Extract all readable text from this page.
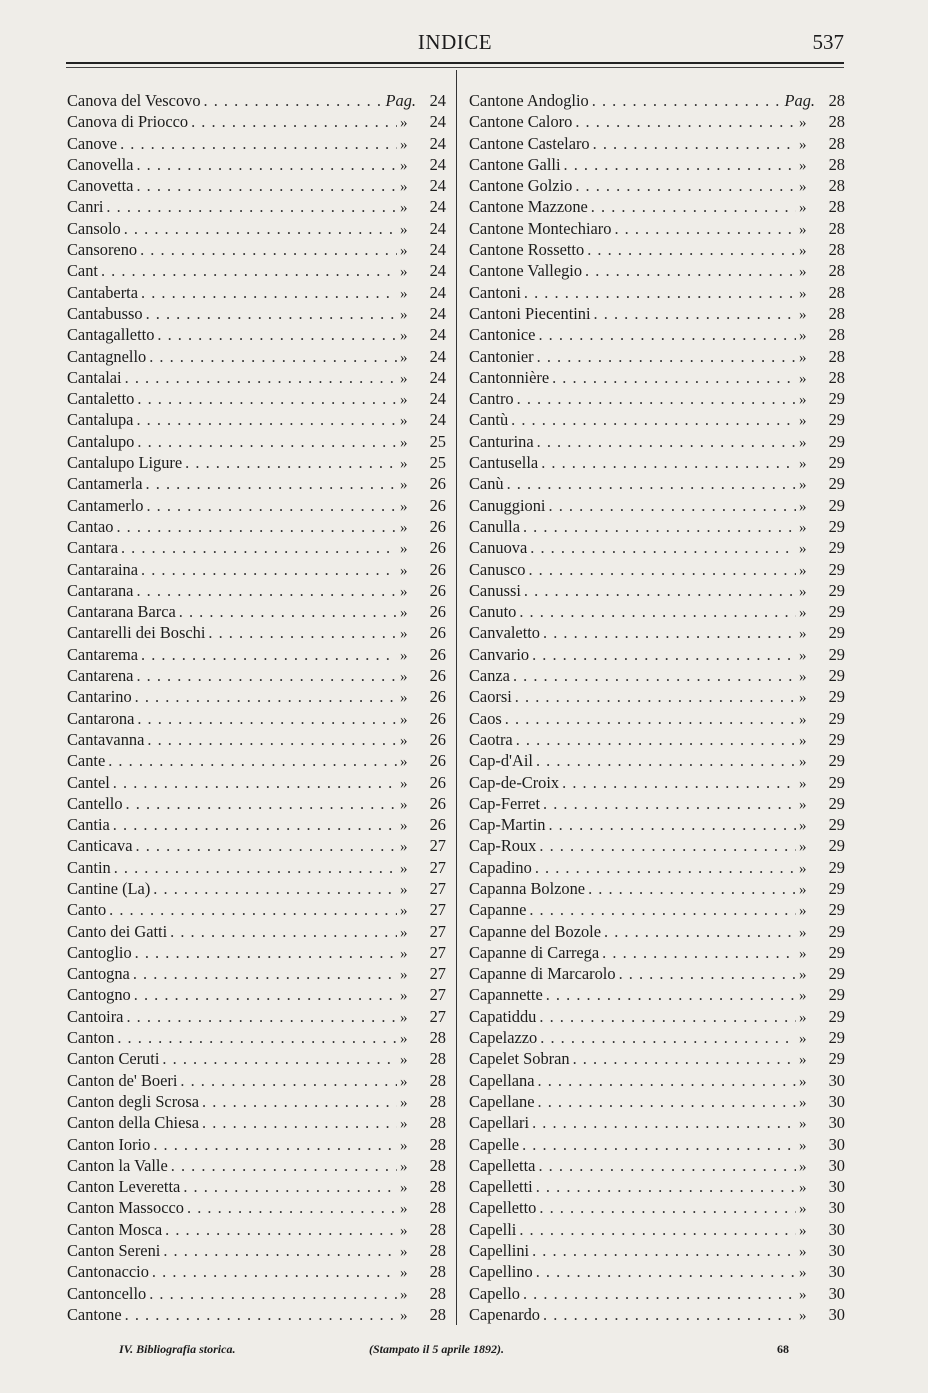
INDICE	537
Canova del Vescovo . . .	Pag. 24
Canova di Priocco . . .	»	24
Canove . . .	»	24
Canovella . . .	»	24
Canovetta . . .	»	24
Canri . . .	»	24
Cansolo . . .	»	24
Cansoreno . . .	»	24
Cant . . .	»	24
Cantaberta . . .	»	24
Cantabusso . . .	»	24
Cantagalletto . . .	»	24
Cantagnello . . .	»	24
Cantalai . . .	»	24
Cantaletto . . .	»	24
Cantalupa . . .	»	24
Cantalupo . . .	»	25
Cantalupo Ligure . . .	»	25
Cantamerla . . .	»	26
Cantamerlo . . .	»	26
Cantao . . .	»	26
Cantara . . .	»	26
Cantaraina . . .	»	26
Cantarana . . .	»	26
Cantarana Barca . . .	»	26
Cantarelli dei Boschi . . .	»	26
Cantarema . . .	»	26
Cantarena . . .	»	26
Cantarino . . .	»	26
Cantarona . . .	»	26
Cantavanna . . .	»	26
Cante . . .	»	26
Cantel . . .	»	26
Cantello . . .	»	26
Cantia . . .	»	26
Canticava . . .	»	27
Cantin . . .	»	27
Cantine (La) . . .	»	27
Canto . . .	»	27
Canto dei Gatti . . .	»	27
Cantoglio . . .	»	27
Cantogna . . .	»	27
Cantogno . . .	»	27
Cantoira . . .	»	27
Canton . . .	»	28
Canton Ceruti . . .	»	28
Canton de' Boeri . . .	»	28
Canton degli Scrosa . . .	»	28
Canton della Chiesa . . .	»	28
Canton Iorio . . .	»	28
Canton la Valle . . .	»	28
Canton Leveretta . . .	»	28
Canton Massocco . . .	»	28
Canton Mosca . . .	»	28
Canton Sereni . . .	»	28
Cantonaccio . . .	»	28
Cantoncello . . .	»	28
Cantone . . .	»	28
Cantone Andoglio . . .	Pag. 28
Cantone Caloro . . .	»	28
Cantone Castelaro . . .	»	28
Cantone Galli . . .	»	28
Cantone Golzio . . .	»	28
Cantone Mazzone . . .	»	28
Cantone Montechiaro . . .	»	28
Cantone Rossetto . . .	»	28
Cantone Vallegio . . .	»	28
Cantoni . . .	»	28
Cantoni Piecentini . . .	»	28
Cantonice . . .	»	28
Cantonier . . .	»	28
Cantonnière . . .	»	28
Cantro . . .	»	29
Cantù . . .	»	29
Canturina . . .	»	29
Cantusella . . .	»	29
Canù . . .	»	29
Canuggioni . . .	»	29
Canulla . . .	»	29
Canuova . . .	»	29
Canusco . . .	»	29
Canussi . . .	»	29
Canuto . . .	»	29
Canvaletto . . .	»	29
Canvario . . .	»	29
Canza . . .	»	29
Caorsi . . .	»	29
Caos . . .	»	29
Caotra . . .	»	29
Cap-d'Ail . . .	»	29
Cap-de-Croix . . .	»	29
Cap-Ferret . . .	»	29
Cap-Martin . . .	»	29
Cap-Roux . . .	»	29
Capadino . . .	»	29
Capanna Bolzone . . .	»	29
Capanne . . .	»	29
Capanne del Bozole . . .	»	29
Capanne di Carrega . . .	»	29
Capanne di Marcarolo . . .	»	29
Capannette . . .	»	29
Capatiddu . . .	»	29
Capelazzo . . .	»	29
Capelet Sobran . . .	»	29
Capellana . . .	»	30
Capellane . . .	»	30
Capellari . . .	»	30
Capelle . . .	»	30
Capelletta . . .	»	30
Capelletti . . .	»	30
Capelletto . . .	»	30
Capelli . . .	»	30
Capellini . . .	»	30
Capellino . . .	»	30
Capello . . .	»	30
Capenardo . . .	»	30
IV. Bibliografia storica.	(Stampato il 5 aprile 1892).	68
